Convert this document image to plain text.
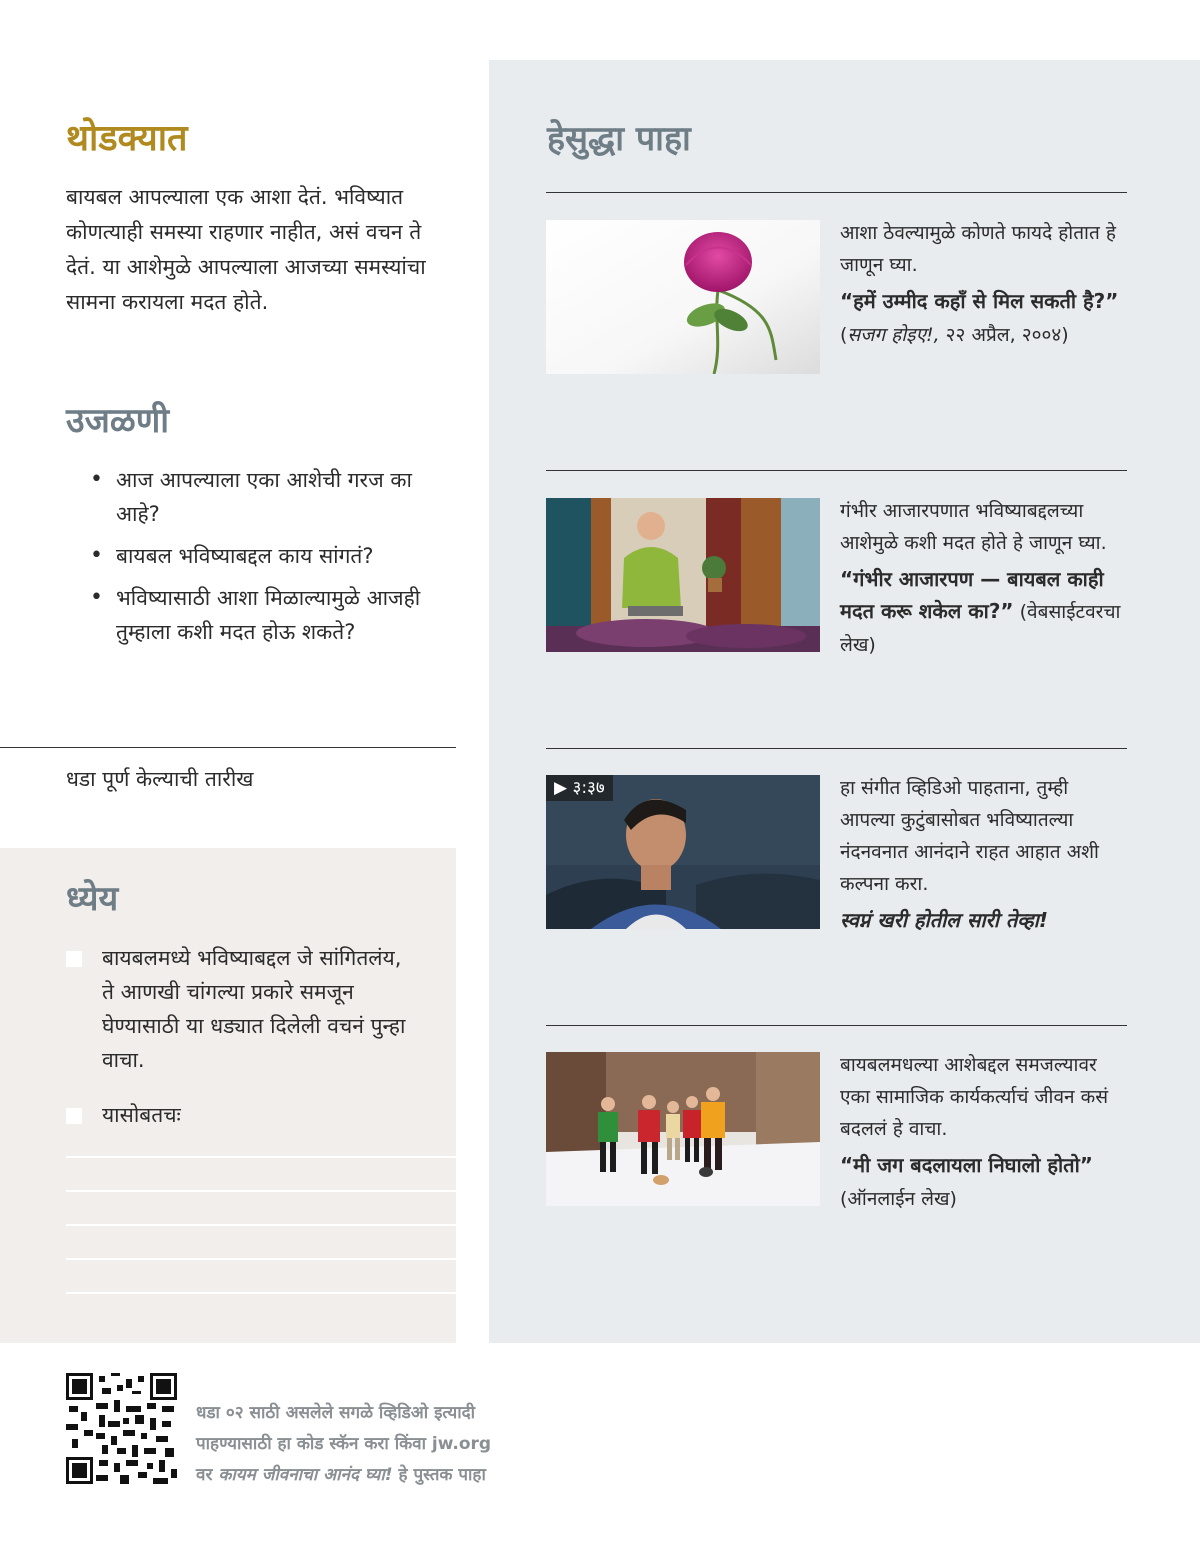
थोडक्यात
बायबल आपल्याला एक आशा देतं. भविष्यात कोणत्याही समस्या राहणार नाहीत, असं वचन ते देतं. या आशेमुळे आपल्याला आजच्या समस्यांचा सामना करायला मदत होते.
उजळणी
• आज आपल्याला एका आशेची गरज का आहे?
• बायबल भविष्याबद्दल काय सांगतं?
• भविष्यासाठी आशा मिळाल्यामुळे आजही तुम्हाला कशी मदत होऊ शकते?
धडा पूर्ण केल्याची तारीख
ध्येय
बायबलमध्ये भविष्याबद्दल जे सांगितलंय, ते आणखी चांगल्या प्रकारे समजून घेण्यासाठी या धड्यात दिलेली वचनं पुन्हा वाचा.
यासोबतचः
हेसुद्धा पाहा
आशा ठेवल्यामुळे कोणते फायदे होतात हे जाणून घ्या.
“हमें उम्मीद कहाँ से मिल सकती है?” (सजग होइए!, २२ अप्रैल, २००४)
गंभीर आजारपणात भविष्याबद्दलच्या आशेमुळे कशी मदत होते हे जाणून घ्या.
“गंभीर आजारपण — बायबल काही मदत करू शकेल का?” (वेबसाईटवरचा लेख)
▶ ३:३७	हा संगीत व्हिडिओ पाहताना, तुम्ही आपल्या कुटुंबासोबत भविष्यातल्या नंदनवनात आनंदाने राहत आहात अशी कल्पना करा.
स्वप्नं खरी होतील सारी तेव्हा!
बायबलमधल्या आशेबद्दल समजल्यावर एका सामाजिक कार्यकर्त्याचं जीवन कसं बदललं हे वाचा.
“मी जग बदलायला निघालो होतो” (ऑनलाईन लेख)
धडा ०२ साठी असलेले सगळे व्हिडिओ इत्यादी
पाहण्यासाठी हा कोड स्कॅन करा किंवा jw.org
वर कायम जीवनाचा आनंद घ्या! हे पुस्तक पाहा
